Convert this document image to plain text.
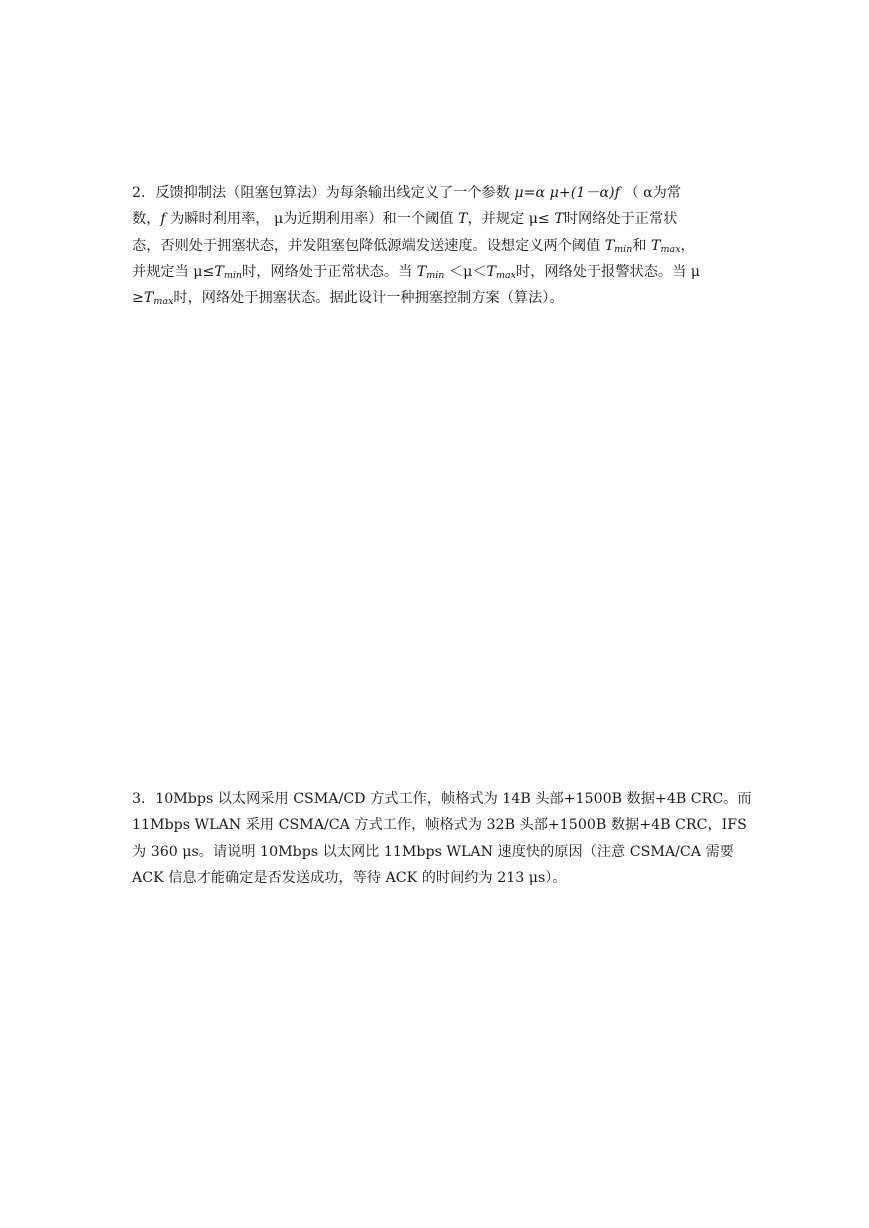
2．反馈抑制法（阻塞包算法）为每条输出线定义了一个参数 μ=α μ+(1－α)f （ α为常
数，f 为瞬时利用率， μ为近期利用率）和一个阈值 T，并规定 μ≤ T时网络处于正常状
态，否则处于拥塞状态，并发阻塞包降低源端发送速度。设想定义两个阈值 $T_{min}$和 $T_{max}$，
并规定当 $\mu\le T_{min}$时，网络处于正常状态。当 $T_{min} <\mu<T_{max}$时，网络处于报警状态。当 μ
$\ge T_{max}$时，网络处于拥塞状态。据此设计一种拥塞控制方案（算法）。
3．10Mbps 以太网采用 CSMA/CD 方式工作，帧格式为 14B 头部+1500B 数据+4B CRC。而
11Mbps WLAN 采用 CSMA/CA 方式工作，帧格式为 32B 头部+1500B 数据+4B CRC，IFS
为 360 μs。请说明 10Mbps 以太网比 11Mbps WLAN 速度快的原因（注意 CSMA/CA 需要
ACK 信息才能确定是否发送成功，等待 ACK 的时间约为 213 μs）。
